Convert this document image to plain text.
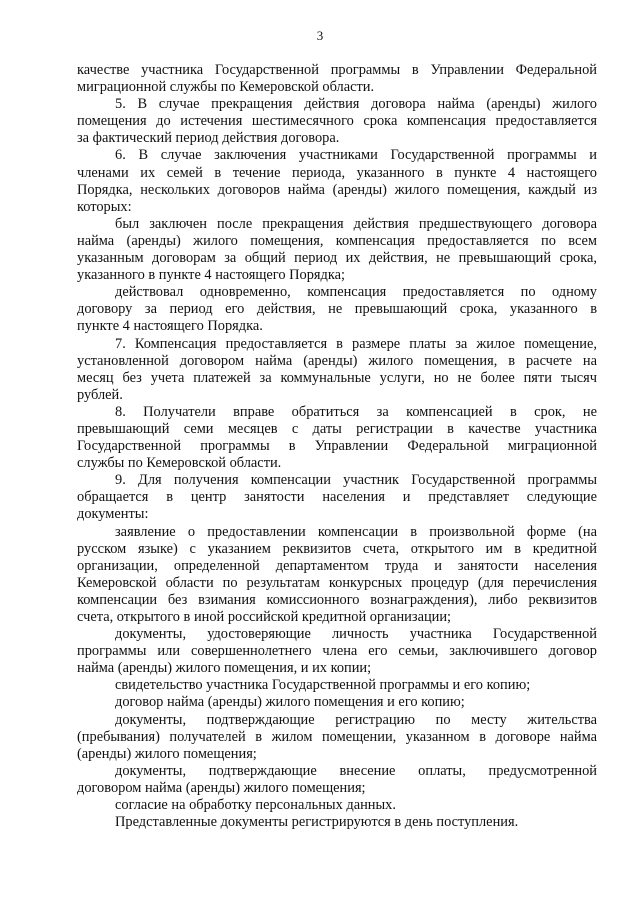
3
качестве участника Государственной программы в Управлении Федеральной
миграционной службы по Кемеровской области.
5. В случае прекращения действия договора найма (аренды) жилого
помещения до истечения шестимесячного срока компенсация предоставляется
за фактический период действия договора.
6. В случае заключения участниками Государственной программы и
членами их семей в течение периода, указанного в пункте 4 настоящего
Порядка, нескольких договоров найма (аренды) жилого помещения, каждый из
которых:
был заключен после прекращения действия предшествующего договора
найма (аренды) жилого помещения, компенсация предоставляется по всем
указанным договорам за общий период их действия, не превышающий срока,
указанного в пункте 4 настоящего Порядка;
действовал одновременно, компенсация предоставляется по одному
договору за период его действия, не превышающий срока, указанного в
пункте 4 настоящего Порядка.
7. Компенсация предоставляется в размере платы за жилое помещение,
установленной договором найма (аренды) жилого помещения, в расчете на
месяц без учета платежей за коммунальные услуги, но не более пяти тысяч
рублей.
8. Получатели вправе обратиться за компенсацией в срок, не
превышающий семи месяцев с даты регистрации в качестве участника
Государственной программы в Управлении Федеральной миграционной
службы по Кемеровской области.
9. Для получения компенсации участник Государственной программы
обращается в центр занятости населения и представляет следующие
документы:
заявление о предоставлении компенсации в произвольной форме (на
русском языке) с указанием реквизитов счета, открытого им в кредитной
организации, определенной департаментом труда и занятости населения
Кемеровской области по результатам конкурсных процедур (для перечисления
компенсации без взимания комиссионного вознаграждения), либо реквизитов
счета, открытого в иной российской кредитной организации;
документы, удостоверяющие личность участника Государственной
программы или совершеннолетнего члена его семьи, заключившего договор
найма (аренды) жилого помещения, и их копии;
свидетельство участника Государственной программы и его копию;
договор найма (аренды) жилого помещения и его копию;
документы, подтверждающие регистрацию по месту жительства
(пребывания) получателей в жилом помещении, указанном в договоре найма
(аренды) жилого помещения;
документы, подтверждающие внесение оплаты, предусмотренной
договором найма (аренды) жилого помещения;
согласие на обработку персональных данных.
Представленные документы регистрируются в день поступления.
